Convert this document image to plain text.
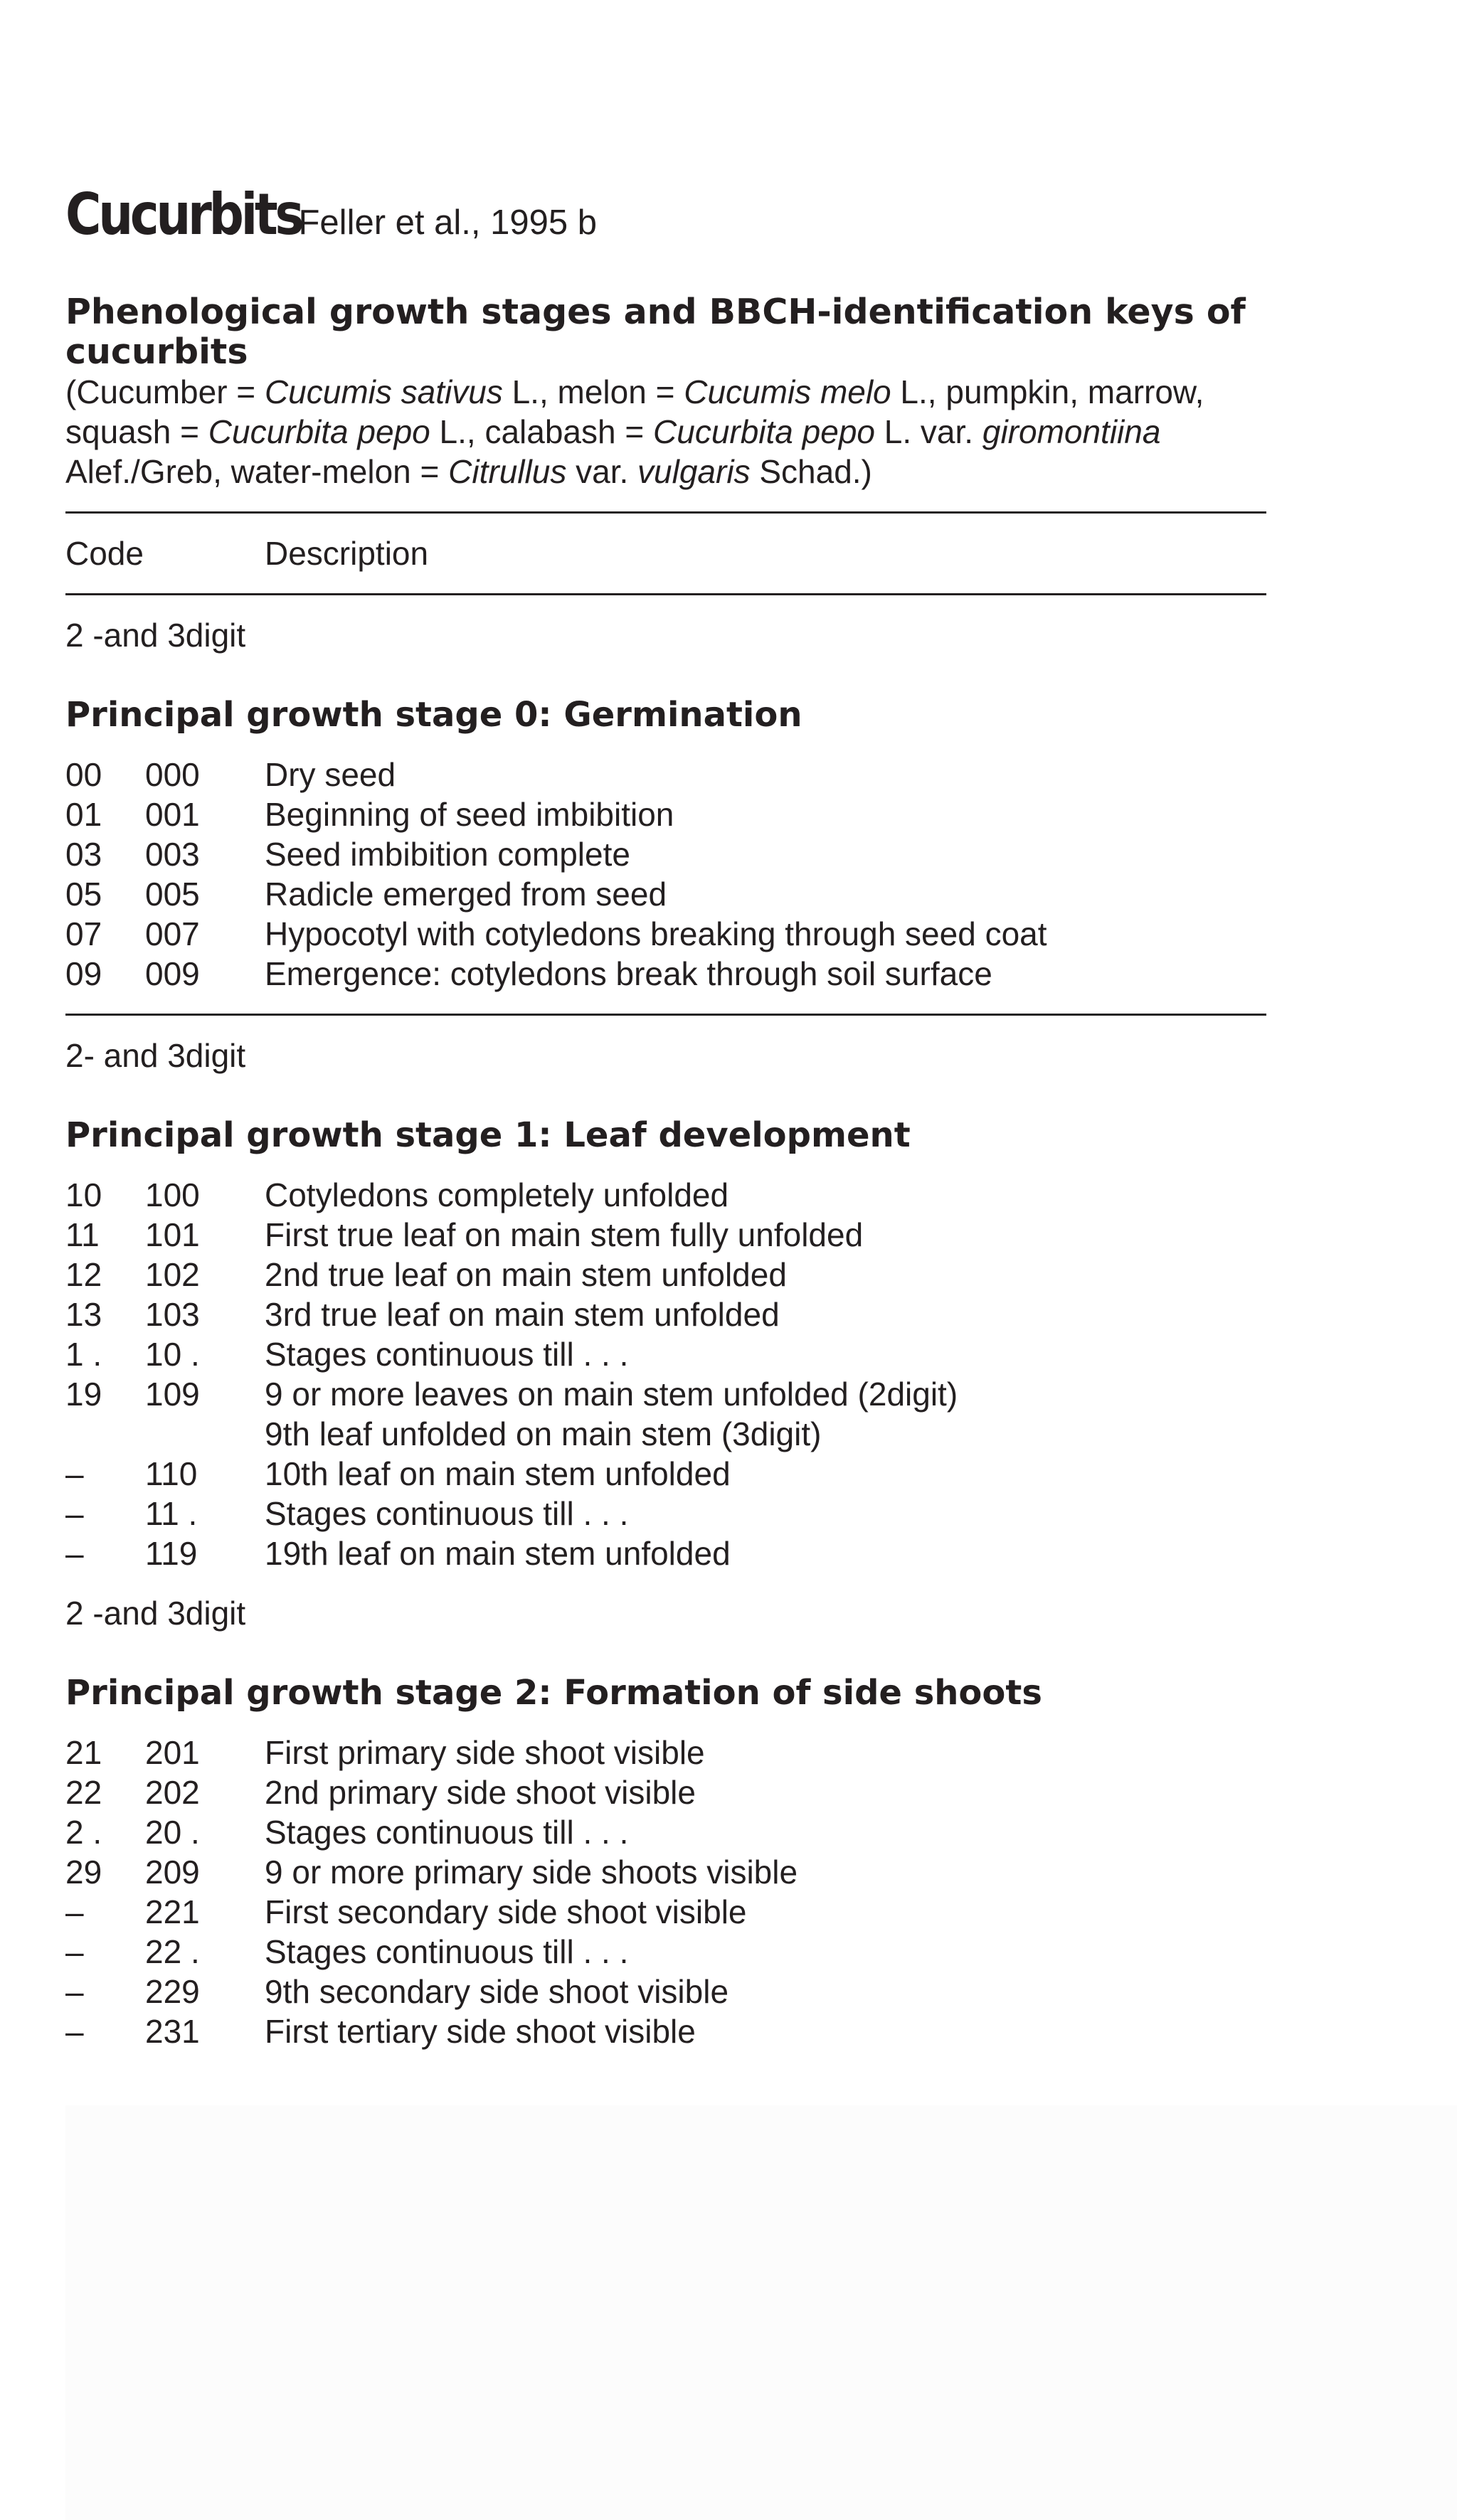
Cucurbits Feller et al., 1995 b
Phenological growth stages and BBCH-identification keys of cucurbits
(Cucumber = Cucumis sativus L., melon = Cucumis melo L., pumpkin, marrow, squash = Cucurbita pepo L., calabash = Cucurbita pepo L. var. giromontiina Alef./Greb, water-melon = Citrullus var. vulgaris Schad.)
Code	Description
2 -and 3digit
Principal growth stage 0: Germination
00	000	Dry seed
01	001	Beginning of seed imbibition
03	003	Seed imbibition complete
05	005	Radicle emerged from seed
07	007	Hypocotyl with cotyledons breaking through seed coat
09	009	Emergence: cotyledons break through soil surface
2- and 3digit
Principal growth stage 1: Leaf development
10	100	Cotyledons completely unfolded
11	101	First true leaf on main stem fully unfolded
12	102	2nd true leaf on main stem unfolded
13	103	3rd true leaf on main stem unfolded
1 .	10 .	Stages continuous till . . .
19	109	9 or more leaves on main stem unfolded (2digit)
9th leaf unfolded on main stem (3digit)
–	110	10th leaf on main stem unfolded
–	11 .	Stages continuous till . . .
–	119	19th leaf on main stem unfolded
2 -and 3digit
Principal growth stage 2: Formation of side shoots
21	201	First primary side shoot visible
22	202	2nd primary side shoot visible
2 .	20 .	Stages continuous till . . .
29	209	9 or more primary side shoots visible
–	221	First secondary side shoot visible
–	22 .	Stages continuous till . . .
–	229	9th secondary side shoot visible
–	231	First tertiary side shoot visible
